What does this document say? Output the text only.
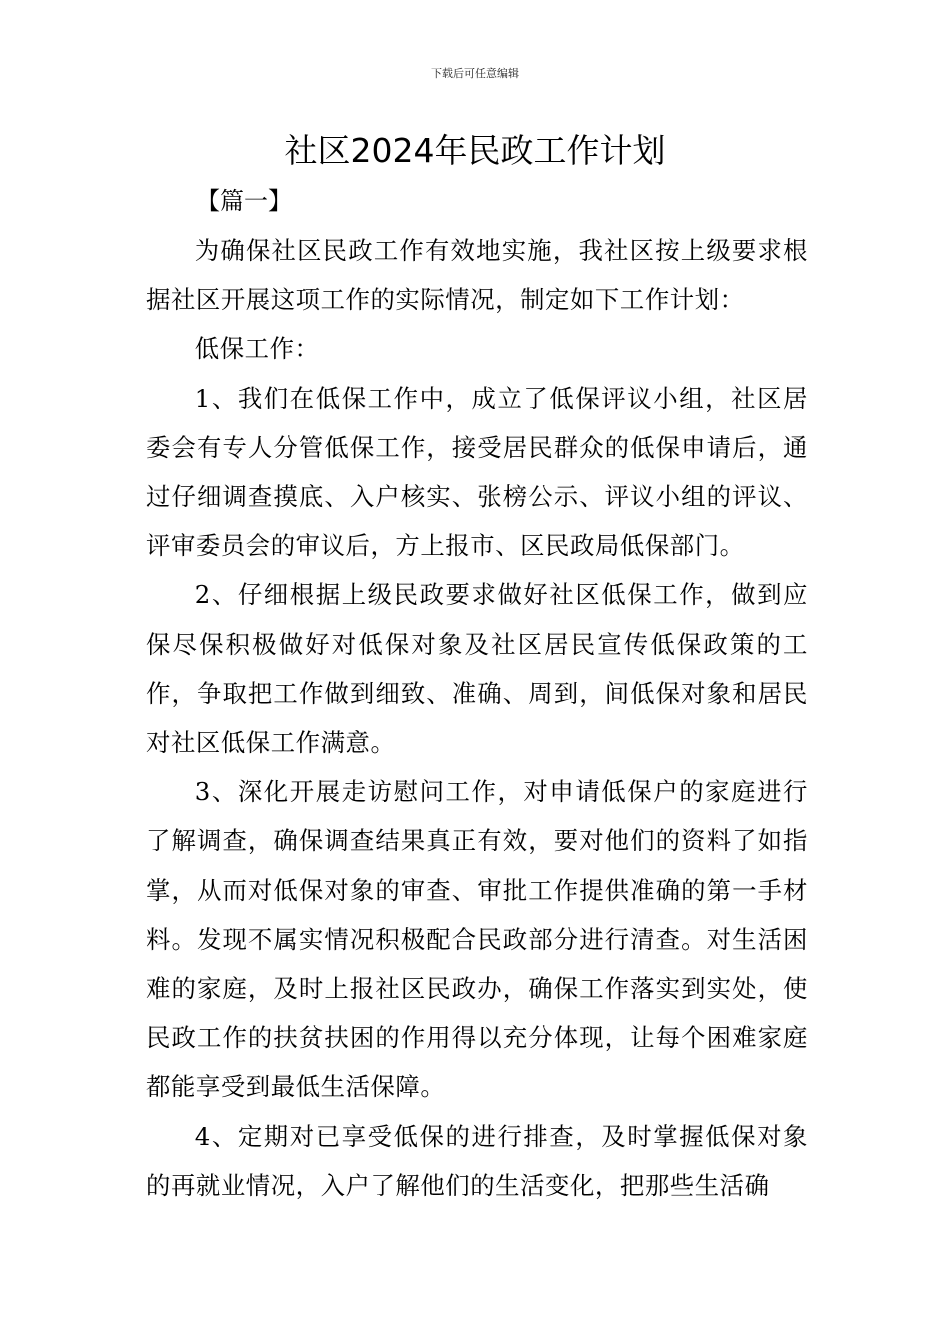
下载后可任意编辑
社区2024年民政工作计划
【篇一】

为确保社区民政工作有效地实施，我社区按上级要求根据社区开展这项工作的实际情况，制定如下工作计划：

低保工作：

1、我们在低保工作中，成立了低保评议小组，社区居委会有专人分管低保工作，接受居民群众的低保申请后，通过仔细调查摸底、入户核实、张榜公示、评议小组的评议、评审委员会的审议后，方上报市、区民政局低保部门。

2、仔细根据上级民政要求做好社区低保工作，做到应保尽保积极做好对低保对象及社区居民宣传低保政策的工作，争取把工作做到细致、准确、周到，间低保对象和居民对社区低保工作满意。

3、深化开展走访慰问工作，对申请低保户的家庭进行了解调查，确保调查结果真正有效，要对他们的资料了如指掌，从而对低保对象的审查、审批工作提供准确的第一手材料。发现不属实情况积极配合民政部分进行清查。对生活困难的家庭，及时上报社区民政办，确保工作落实到实处，使民政工作的扶贫扶困的作用得以充分体现，让每个困难家庭都能享受到最低生活保障。

4、定期对已享受低保的进行排查，及时掌握低保对象的再就业情况，入户了解他们的生活变化，把那些生活确
